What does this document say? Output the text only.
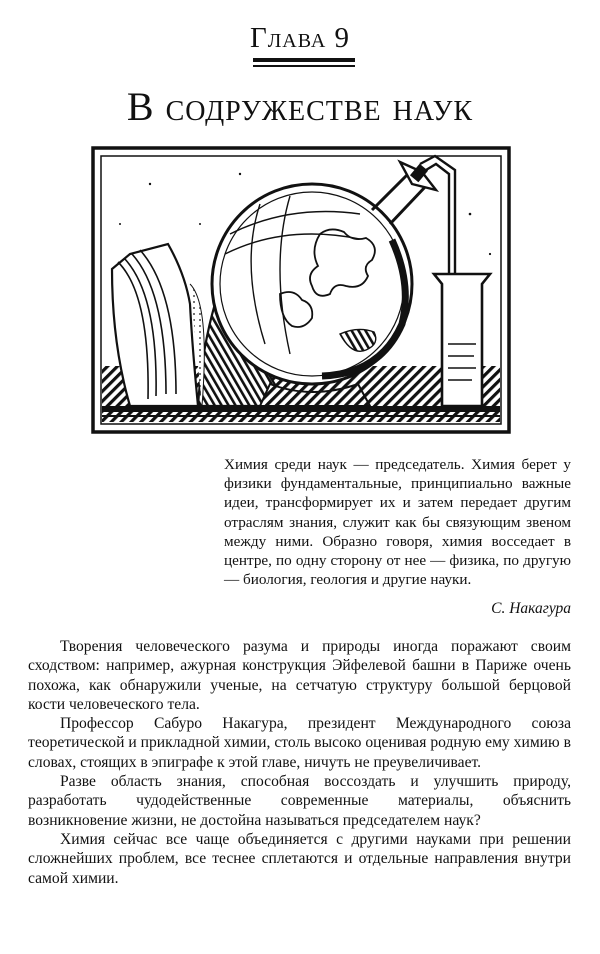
Глава 9
В содружестве наук

Химия среди наук — председатель. Химия берет у физики фундаментальные, принципиально важные идеи, трансформирует их и затем передает другим отраслям знания, служит как бы связующим звеном между ними. Образно говоря, химия восседает в центре, по одну сторону от нее — физика, по другую — биология, геология и другие науки.

С. Накагура

Творения человеческого разума и природы иногда поражают своим сходством: например, ажурная конструкция Эйфелевой башни в Париже очень похожа, как обнаружили ученые, на сетчатую структуру большой берцовой кости человеческого тела.

Профессор Сабуро Накагура, президент Международного союза теоретической и прикладной химии, столь высоко оценивая родную ему химию в словах, стоящих в эпиграфе к этой главе, ничуть не преувеличивает.

Разве область знания, способная воссоздать и улучшить природу, разработать чудодейственные современные материалы, объяснить возникновение жизни, не достойна называться председателем наук?

Химия сейчас все чаще объединяется с другими науками при решении сложнейших проблем, все теснее сплетаются и отдельные направления внутри самой химии.
